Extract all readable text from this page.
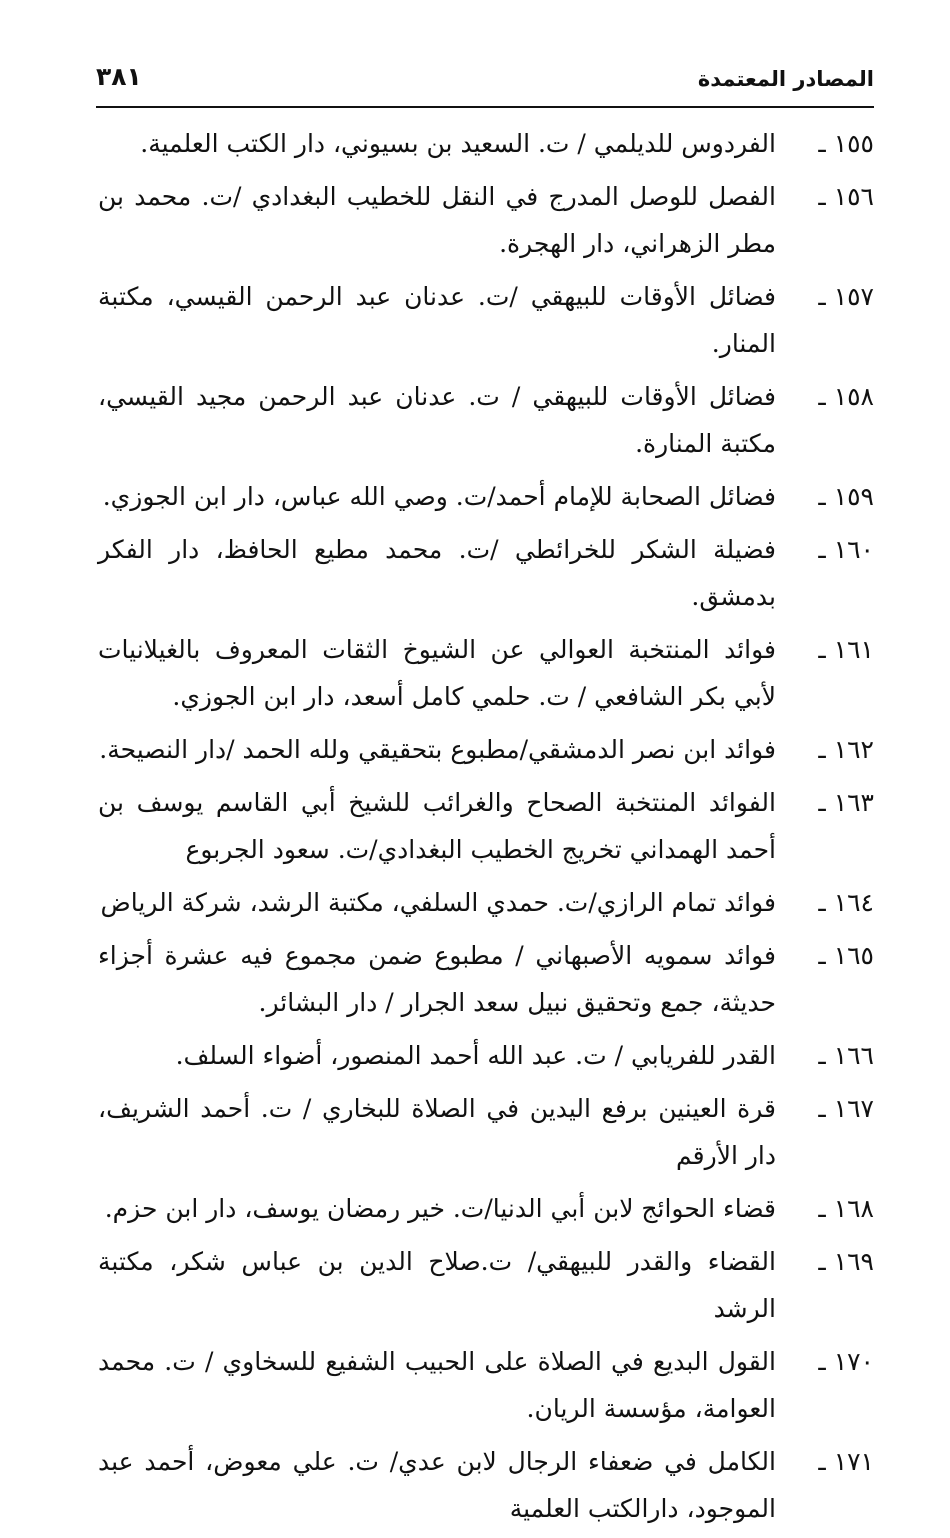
المصادر المعتمدة
٣٨١
١٥٥ ـ
الفردوس للديلمي / ت. السعيد بن بسيوني، دار الكتب العلمية.
١٥٦ ـ
الفصل للوصل المدرج في النقل للخطيب البغدادي /ت. محمد بن مطر الزهراني، دار الهجرة.
١٥٧ ـ
فضائل الأوقات للبيهقي /ت. عدنان عبد الرحمن القيسي، مكتبة المنار.
١٥٨ ـ
فضائل الأوقات للبيهقي / ت. عدنان عبد الرحمن مجيد القيسي، مكتبة المنارة.
١٥٩ ـ
فضائل الصحابة للإمام أحمد/ت. وصي الله عباس، دار ابن الجوزي.
١٦٠ ـ
فضيلة الشكر للخرائطي /ت. محمد مطيع الحافظ، دار الفكر بدمشق.
١٦١ ـ
فوائد المنتخبة العوالي عن الشيوخ الثقات المعروف بالغيلانيات لأبي بكر الشافعي / ت. حلمي كامل أسعد، دار ابن الجوزي.
١٦٢ ـ
فوائد ابن نصر الدمشقي/مطبوع بتحقيقي ولله الحمد /دار النصيحة.
١٦٣ ـ
الفوائد المنتخبة الصحاح والغرائب للشيخ أبي القاسم يوسف بن أحمد الهمداني تخريج الخطيب البغدادي/ت. سعود الجربوع
١٦٤ ـ
فوائد تمام الرازي/ت. حمدي السلفي، مكتبة الرشد، شركة الرياض
١٦٥ ـ
فوائد سمويه الأصبهاني / مطبوع ضمن مجموع فيه عشرة أجزاء حديثة، جمع وتحقيق نبيل سعد الجرار / دار البشائر.
١٦٦ ـ
القدر للفريابي / ت. عبد الله أحمد المنصور، أضواء السلف.
١٦٧ ـ
قرة العينين برفع اليدين في الصلاة للبخاري / ت. أحمد الشريف، دار الأرقم
١٦٨ ـ
قضاء الحوائج لابن أبي الدنيا/ت. خير رمضان يوسف، دار ابن حزم.
١٦٩ ـ
القضاء والقدر للبيهقي/ ت.صلاح الدين بن عباس شكر، مكتبة الرشد
١٧٠ ـ
القول البديع في الصلاة على الحبيب الشفيع للسخاوي / ت. محمد العوامة، مؤسسة الريان.
١٧١ ـ
الكامل في ضعفاء الرجال لابن عدي/ ت. علي معوض، أحمد عبد الموجود، دارالكتب العلمية
